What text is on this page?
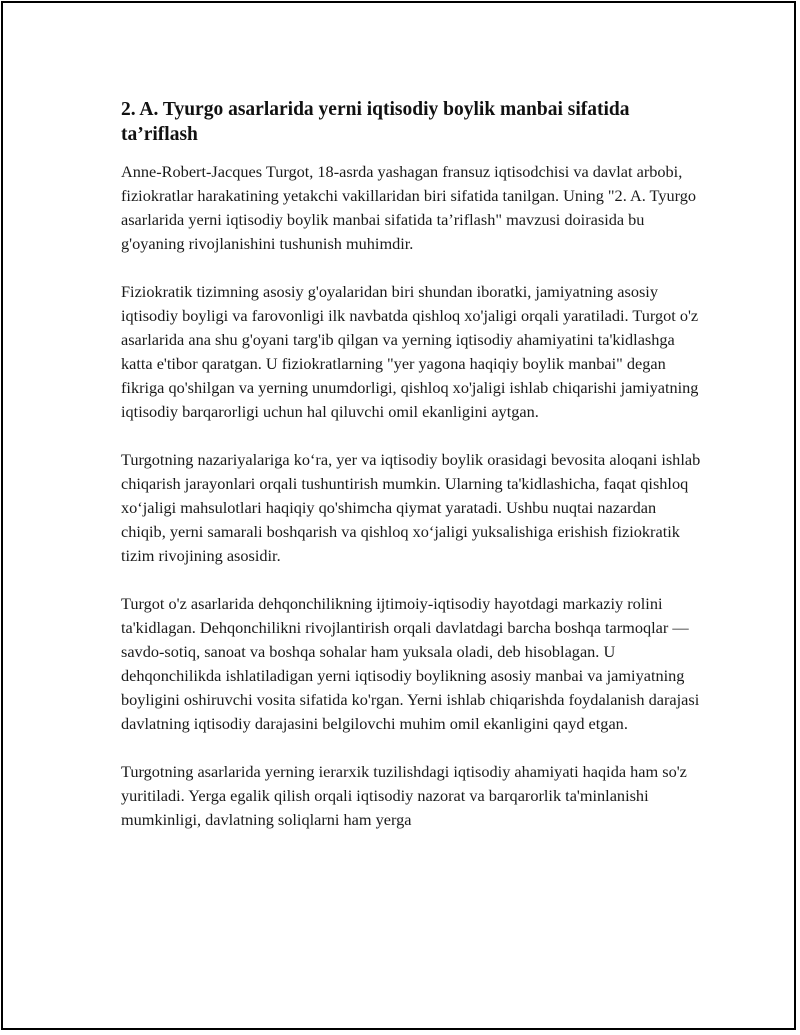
2. A. Tyurgo asarlarida yerni iqtisodiy boylik manbai sifatida ta’riflash

Anne-Robert-Jacques Turgot, 18-asrda yashagan fransuz iqtisodchisi va davlat arbobi, fiziokratlar harakatining yetakchi vakillaridan biri sifatida tanilgan. Uning "2. A. Tyurgo asarlarida yerni iqtisodiy boylik manbai sifatida ta’riflash" mavzusi doirasida bu g'oyaning rivojlanishini tushunish muhimdir.

Fiziokratik tizimning asosiy g'oyalaridan biri shundan iboratki, jamiyatning asosiy iqtisodiy boyligi va farovonligi ilk navbatda qishloq xo'jaligi orqali yaratiladi. Turgot o'z asarlarida ana shu g'oyani targ'ib qilgan va yerning iqtisodiy ahamiyatini ta'kidlashga katta e'tibor qaratgan. U fiziokratlarning "yer yagona haqiqiy boylik manbai" degan fikriga qo'shilgan va yerning unumdorligi, qishloq xo'jaligi ishlab chiqarishi jamiyatning iqtisodiy barqarorligi uchun hal qiluvchi omil ekanligini aytgan.

Turgotning nazariyalariga ko‘ra, yer va iqtisodiy boylik orasidagi bevosita aloqani ishlab chiqarish jarayonlari orqali tushuntirish mumkin. Ularning ta'kidlashicha, faqat qishloq xo‘jaligi mahsulotlari haqiqiy qo'shimcha qiymat yaratadi. Ushbu nuqtai nazardan chiqib, yerni samarali boshqarish va qishloq xo‘jaligi yuksalishiga erishish fiziokratik tizim rivojining asosidir.

Turgot o'z asarlarida dehqonchilikning ijtimoiy-iqtisodiy hayotdagi markaziy rolini ta'kidlagan. Dehqonchilikni rivojlantirish orqali davlatdagi barcha boshqa tarmoqlar — savdo-sotiq, sanoat va boshqa sohalar ham yuksala oladi, deb hisoblagan. U dehqonchilikda ishlatiladigan yerni iqtisodiy boylikning asosiy manbai va jamiyatning boyligini oshiruvchi vosita sifatida ko'rgan. Yerni ishlab chiqarishda foydalanish darajasi davlatning iqtisodiy darajasini belgilovchi muhim omil ekanligini qayd etgan.

Turgotning asarlarida yerning ierarxik tuzilishdagi iqtisodiy ahamiyati haqida ham so'z yuritiladi. Yerga egalik qilish orqali iqtisodiy nazorat va barqarorlik ta'minlanishi mumkinligi, davlatning soliqlarni ham yerga
